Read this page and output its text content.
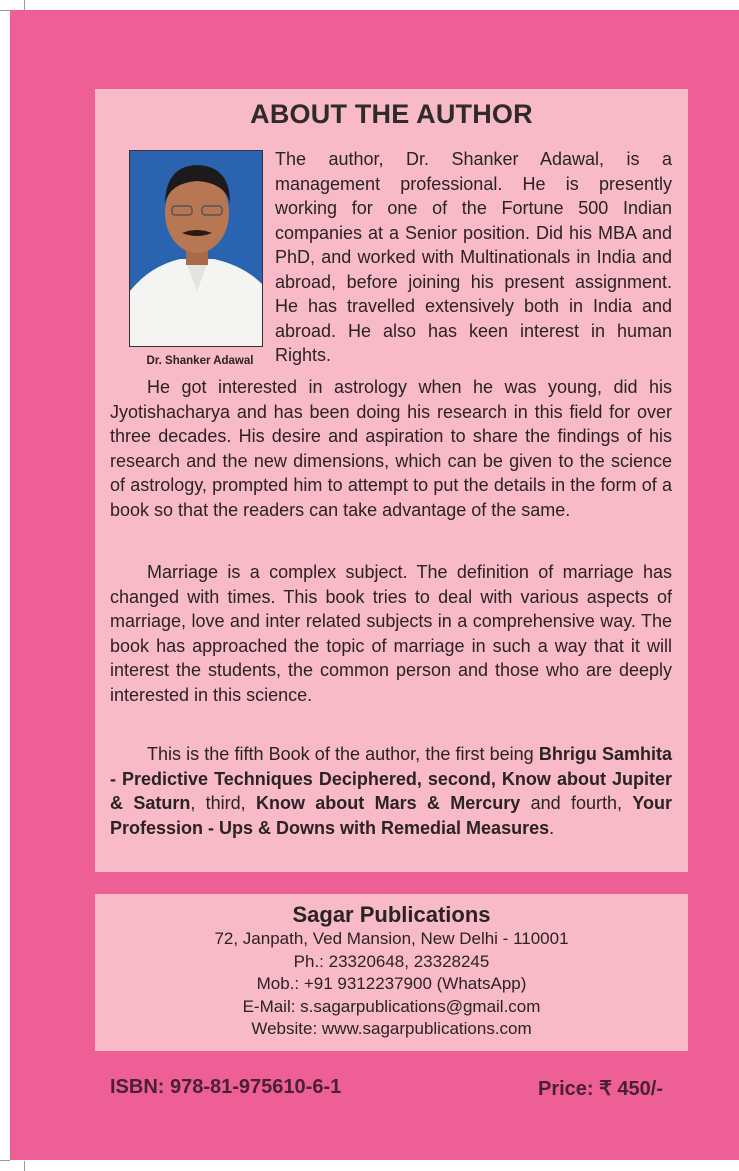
ABOUT THE AUTHOR
Dr. Shanker Adawal

The author, Dr. Shanker Adawal, is a management professional. He is presently working for one of the Fortune 500 Indian companies at a Senior position. Did his MBA and PhD, and worked with Multinationals in India and abroad, before joining his present assignment. He has travelled extensively both in India and abroad. He also has keen interest in human Rights.

He got interested in astrology when he was young, did his Jyotishacharya and has been doing his research in this field for over three decades. His desire and aspiration to share the findings of his research and the new dimensions, which can be given to the science of astrology, prompted him to attempt to put the details in the form of a book so that the readers can take advantage of the same.

Marriage is a complex subject. The definition of marriage has changed with times. This book tries to deal with various aspects of marriage, love and inter related subjects in a comprehensive way. The book has approached the topic of marriage in such a way that it will interest the students, the common person and those who are deeply interested in this science.

This is the fifth Book of the author, the first being Bhrigu Samhita - Predictive Techniques Deciphered, second, Know about Jupiter & Saturn, third, Know about Mars & Mercury and fourth, Your Profession - Ups & Downs with Remedial Measures.

Sagar Publications
72, Janpath, Ved Mansion, New Delhi - 110001
Ph.: 23320648, 23328245
Mob.: +91 9312237900 (WhatsApp)
E-Mail: s.sagarpublications@gmail.com
Website: www.sagarpublications.com
ISBN: 978-81-975610-6-1	Price: ₹ 450/-
